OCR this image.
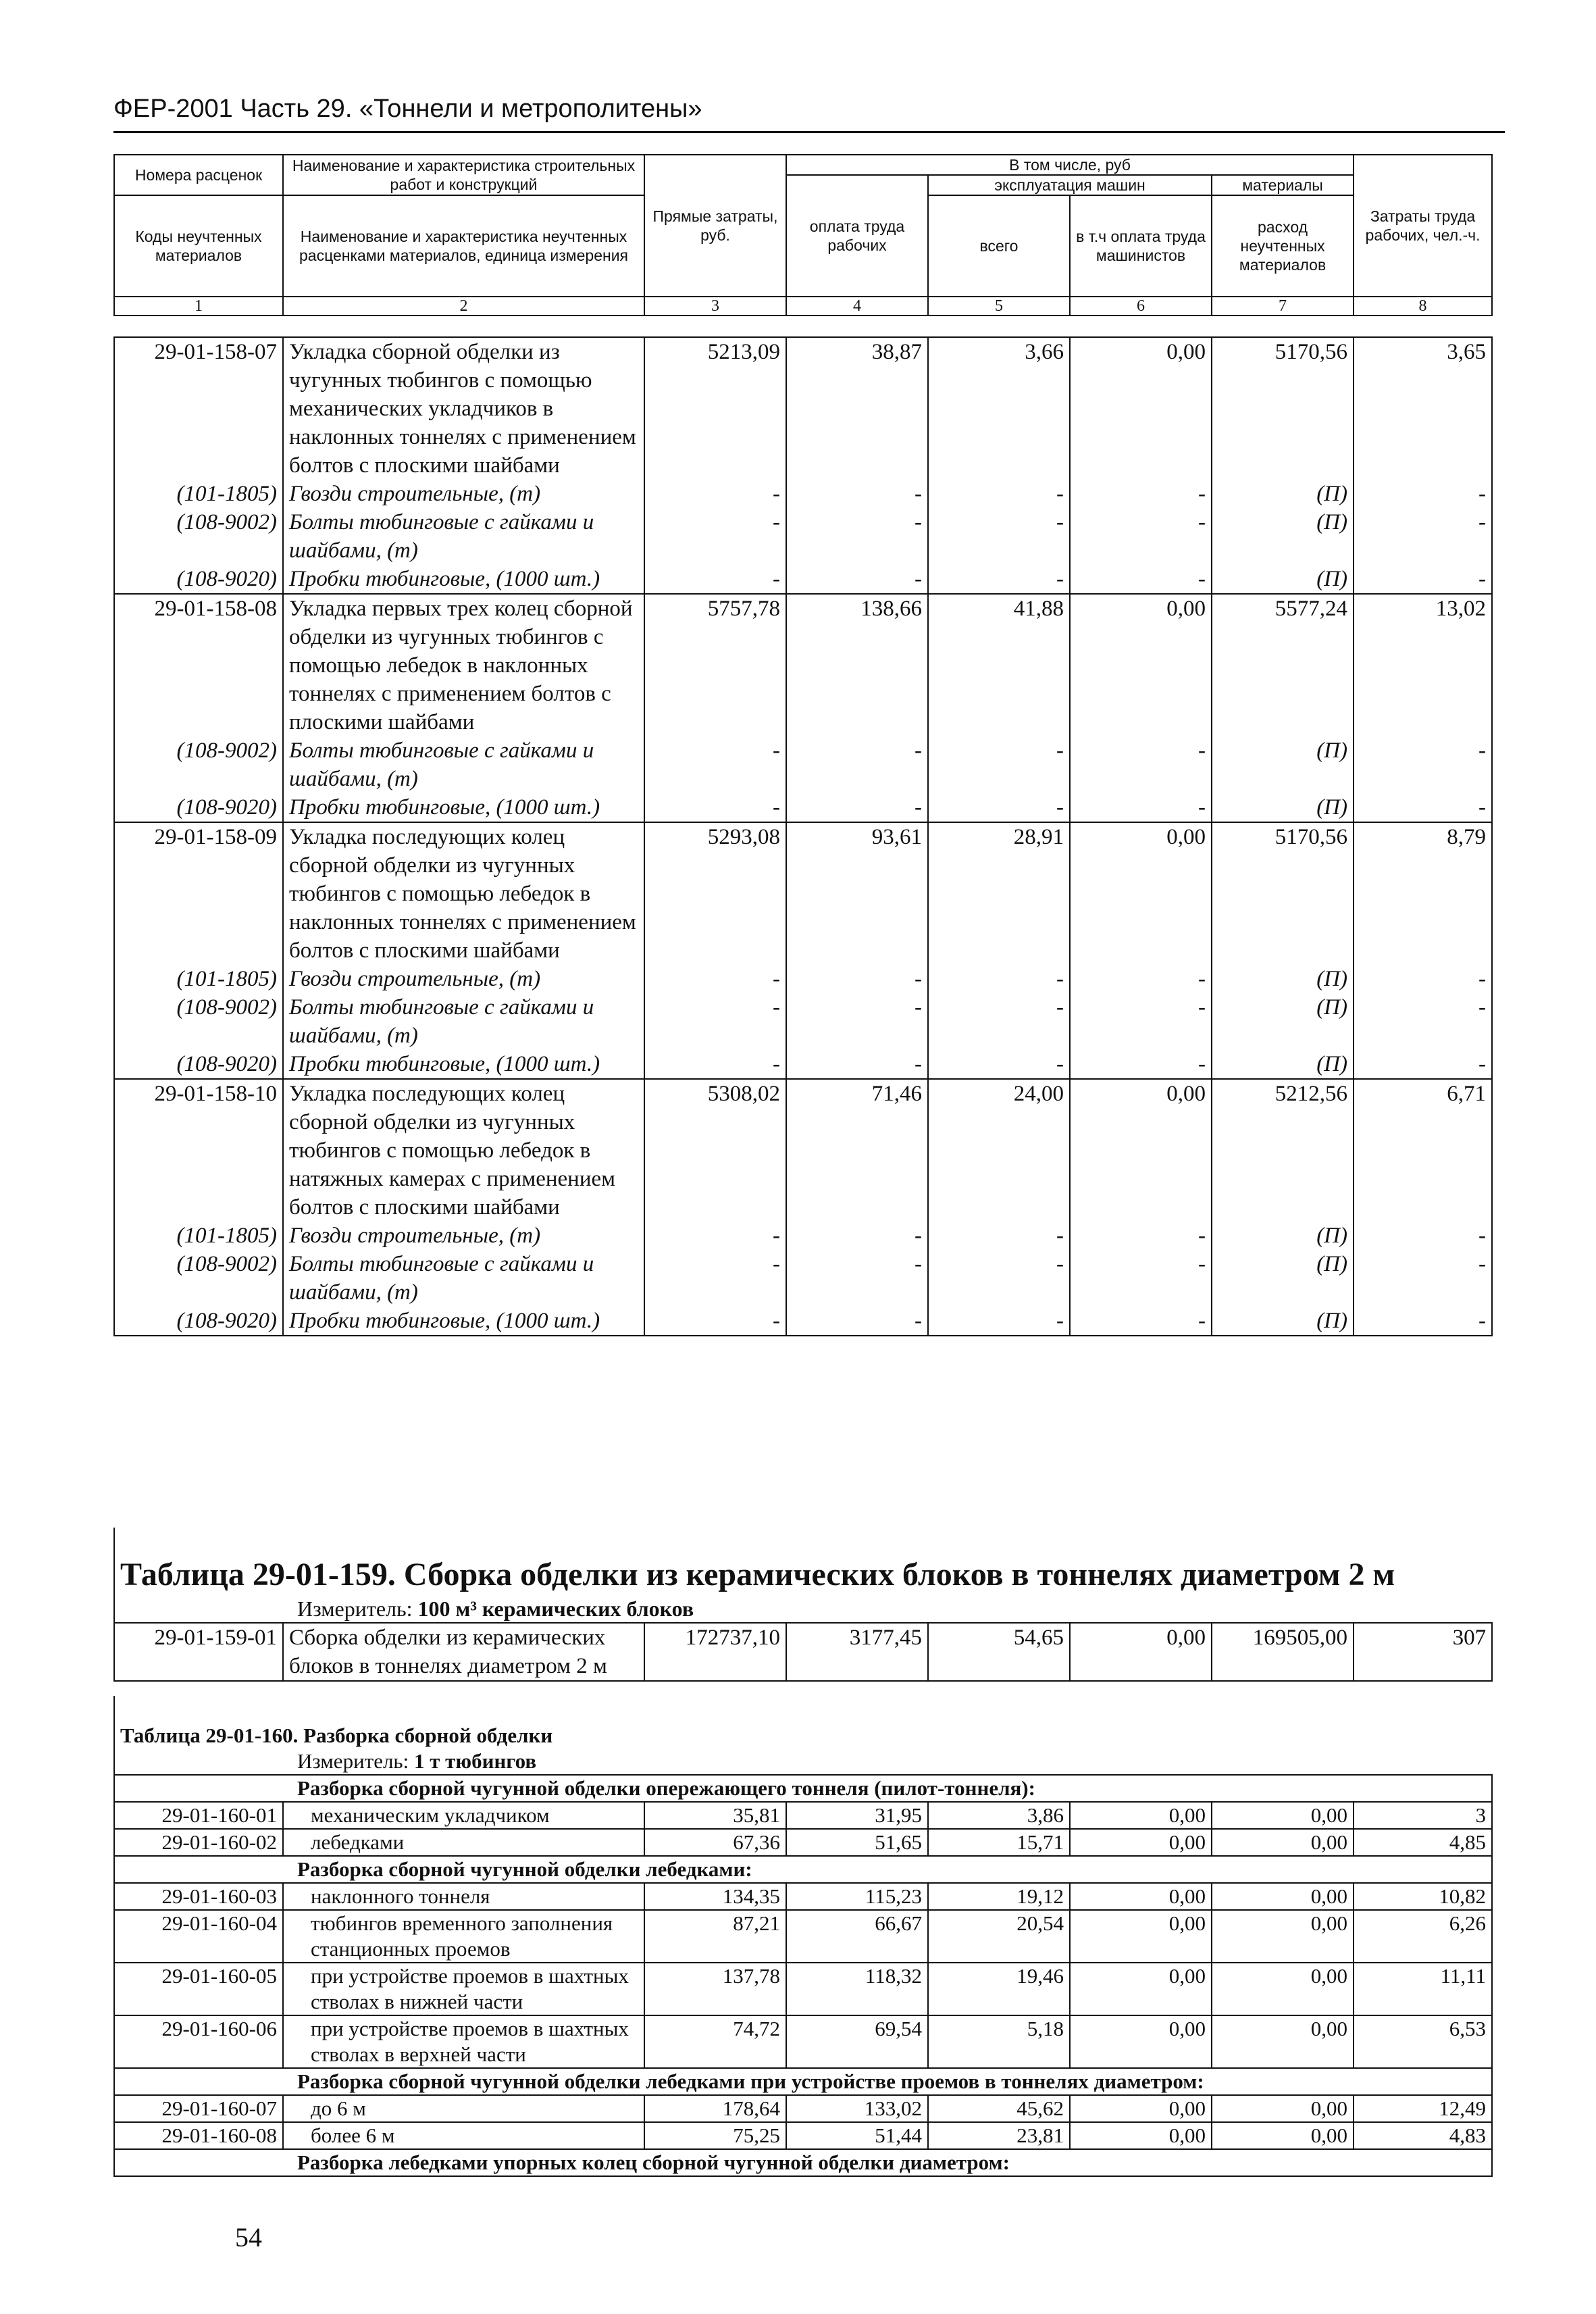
ФЕР-2001 Часть 29. «Тоннели и метрополитены»
Номера расценок	Наименование и характеристика строительных работ и конструкций	Прямые затраты, руб.	В том числе, руб				Затраты труда рабочих, чел.-ч.
			оплата труда рабочих	эксплуатация машин		материалы	
Коды неучтенных материалов	Наименование и характеристика неучтенных расценками материалов, единица измерения			всего	в т.ч оплата труда машинистов	расход неучтенных материалов	

1	2	3	4	5	6	7	8
29-01-158-07	Укладка сборной обделки из чугунных тюбингов с помощью механических укладчиков в наклонных тоннелях с применением болтов с плоскими шайбами	5213,09	38,87	3,66	0,00	5170,56	3,65
(101-1805)	Гвозди строительные, (т)	-	-	-	-	(П)	-
(108-9002)	Болты тюбинговые с гайками и шайбами, (т)	-	-	-	-	(П)	-
(108-9020)	Пробки тюбинговые, (1000 шт.)	-	-	-	-	(П)	-
29-01-158-08	Укладка первых трех колец сборной обделки из чугунных тюбингов с помощью лебедок в наклонных тоннелях с применением болтов с плоскими шайбами	5757,78	138,66	41,88	0,00	5577,24	13,02
(108-9002)	Болты тюбинговые с гайками и шайбами, (т)	-	-	-	-	(П)	-
(108-9020)	Пробки тюбинговые, (1000 шт.)	-	-	-	-	(П)	-
29-01-158-09	Укладка последующих колец сборной обделки из чугунных тюбингов с помощью лебедок в наклонных тоннелях с применением болтов с плоскими шайбами	5293,08	93,61	28,91	0,00	5170,56	8,79
(101-1805)	Гвозди строительные, (т)	-	-	-	-	(П)	-
(108-9002)	Болты тюбинговые с гайками и шайбами, (т)	-	-	-	-	(П)	-
(108-9020)	Пробки тюбинговые, (1000 шт.)	-	-	-	-	(П)	-
29-01-158-10	Укладка последующих колец сборной обделки из чугунных тюбингов с помощью лебедок в натяжных камерах с применением болтов с плоскими шайбами	5308,02	71,46	24,00	0,00	5212,56	6,71
(101-1805)	Гвозди строительные, (т)	-	-	-	-	(П)	-
(108-9002)	Болты тюбинговые с гайками и шайбами, (т)	-	-	-	-	(П)	-
(108-9020)	Пробки тюбинговые, (1000 шт.)	-	-	-	-	(П)	-
Таблица 29-01-159. Сборка обделки из керамических блоков в тоннелях диаметром 2 м
Измеритель: 100 м³ керамических блоков
29-01-159-01	Сборка обделки из керамических блоков в тоннелях диаметром 2 м	172737,10	3177,45	54,65	0,00	169505,00	307
Таблица 29-01-160. Разборка сборной обделки							
Измеритель: 1 т тюбингов							
Разборка сборной чугунной обделки опережающего тоннеля (пилот-тоннеля):							
29-01-160-01	механическим укладчиком	35,81	31,95	3,86	0,00	0,00	3
29-01-160-02	лебедками	67,36	51,65	15,71	0,00	0,00	4,85
Разборка сборной чугунной обделки лебедками:							
29-01-160-03	наклонного тоннеля	134,35	115,23	19,12	0,00	0,00	10,82
29-01-160-04	тюбингов временного заполнения станционных проемов	87,21	66,67	20,54	0,00	0,00	6,26
29-01-160-05	при устройстве проемов в шахтных стволах в нижней части	137,78	118,32	19,46	0,00	0,00	11,11
29-01-160-06	при устройстве проемов в шахтных стволах в верхней части	74,72	69,54	5,18	0,00	0,00	6,53
Разборка сборной чугунной обделки лебедками при устройстве проемов в тоннелях диаметром:							
29-01-160-07	до 6 м	178,64	133,02	45,62	0,00	0,00	12,49
29-01-160-08	более 6 м	75,25	51,44	23,81	0,00	0,00	4,83
Разборка лебедками упорных колец сборной чугунной обделки диаметром:							
54
